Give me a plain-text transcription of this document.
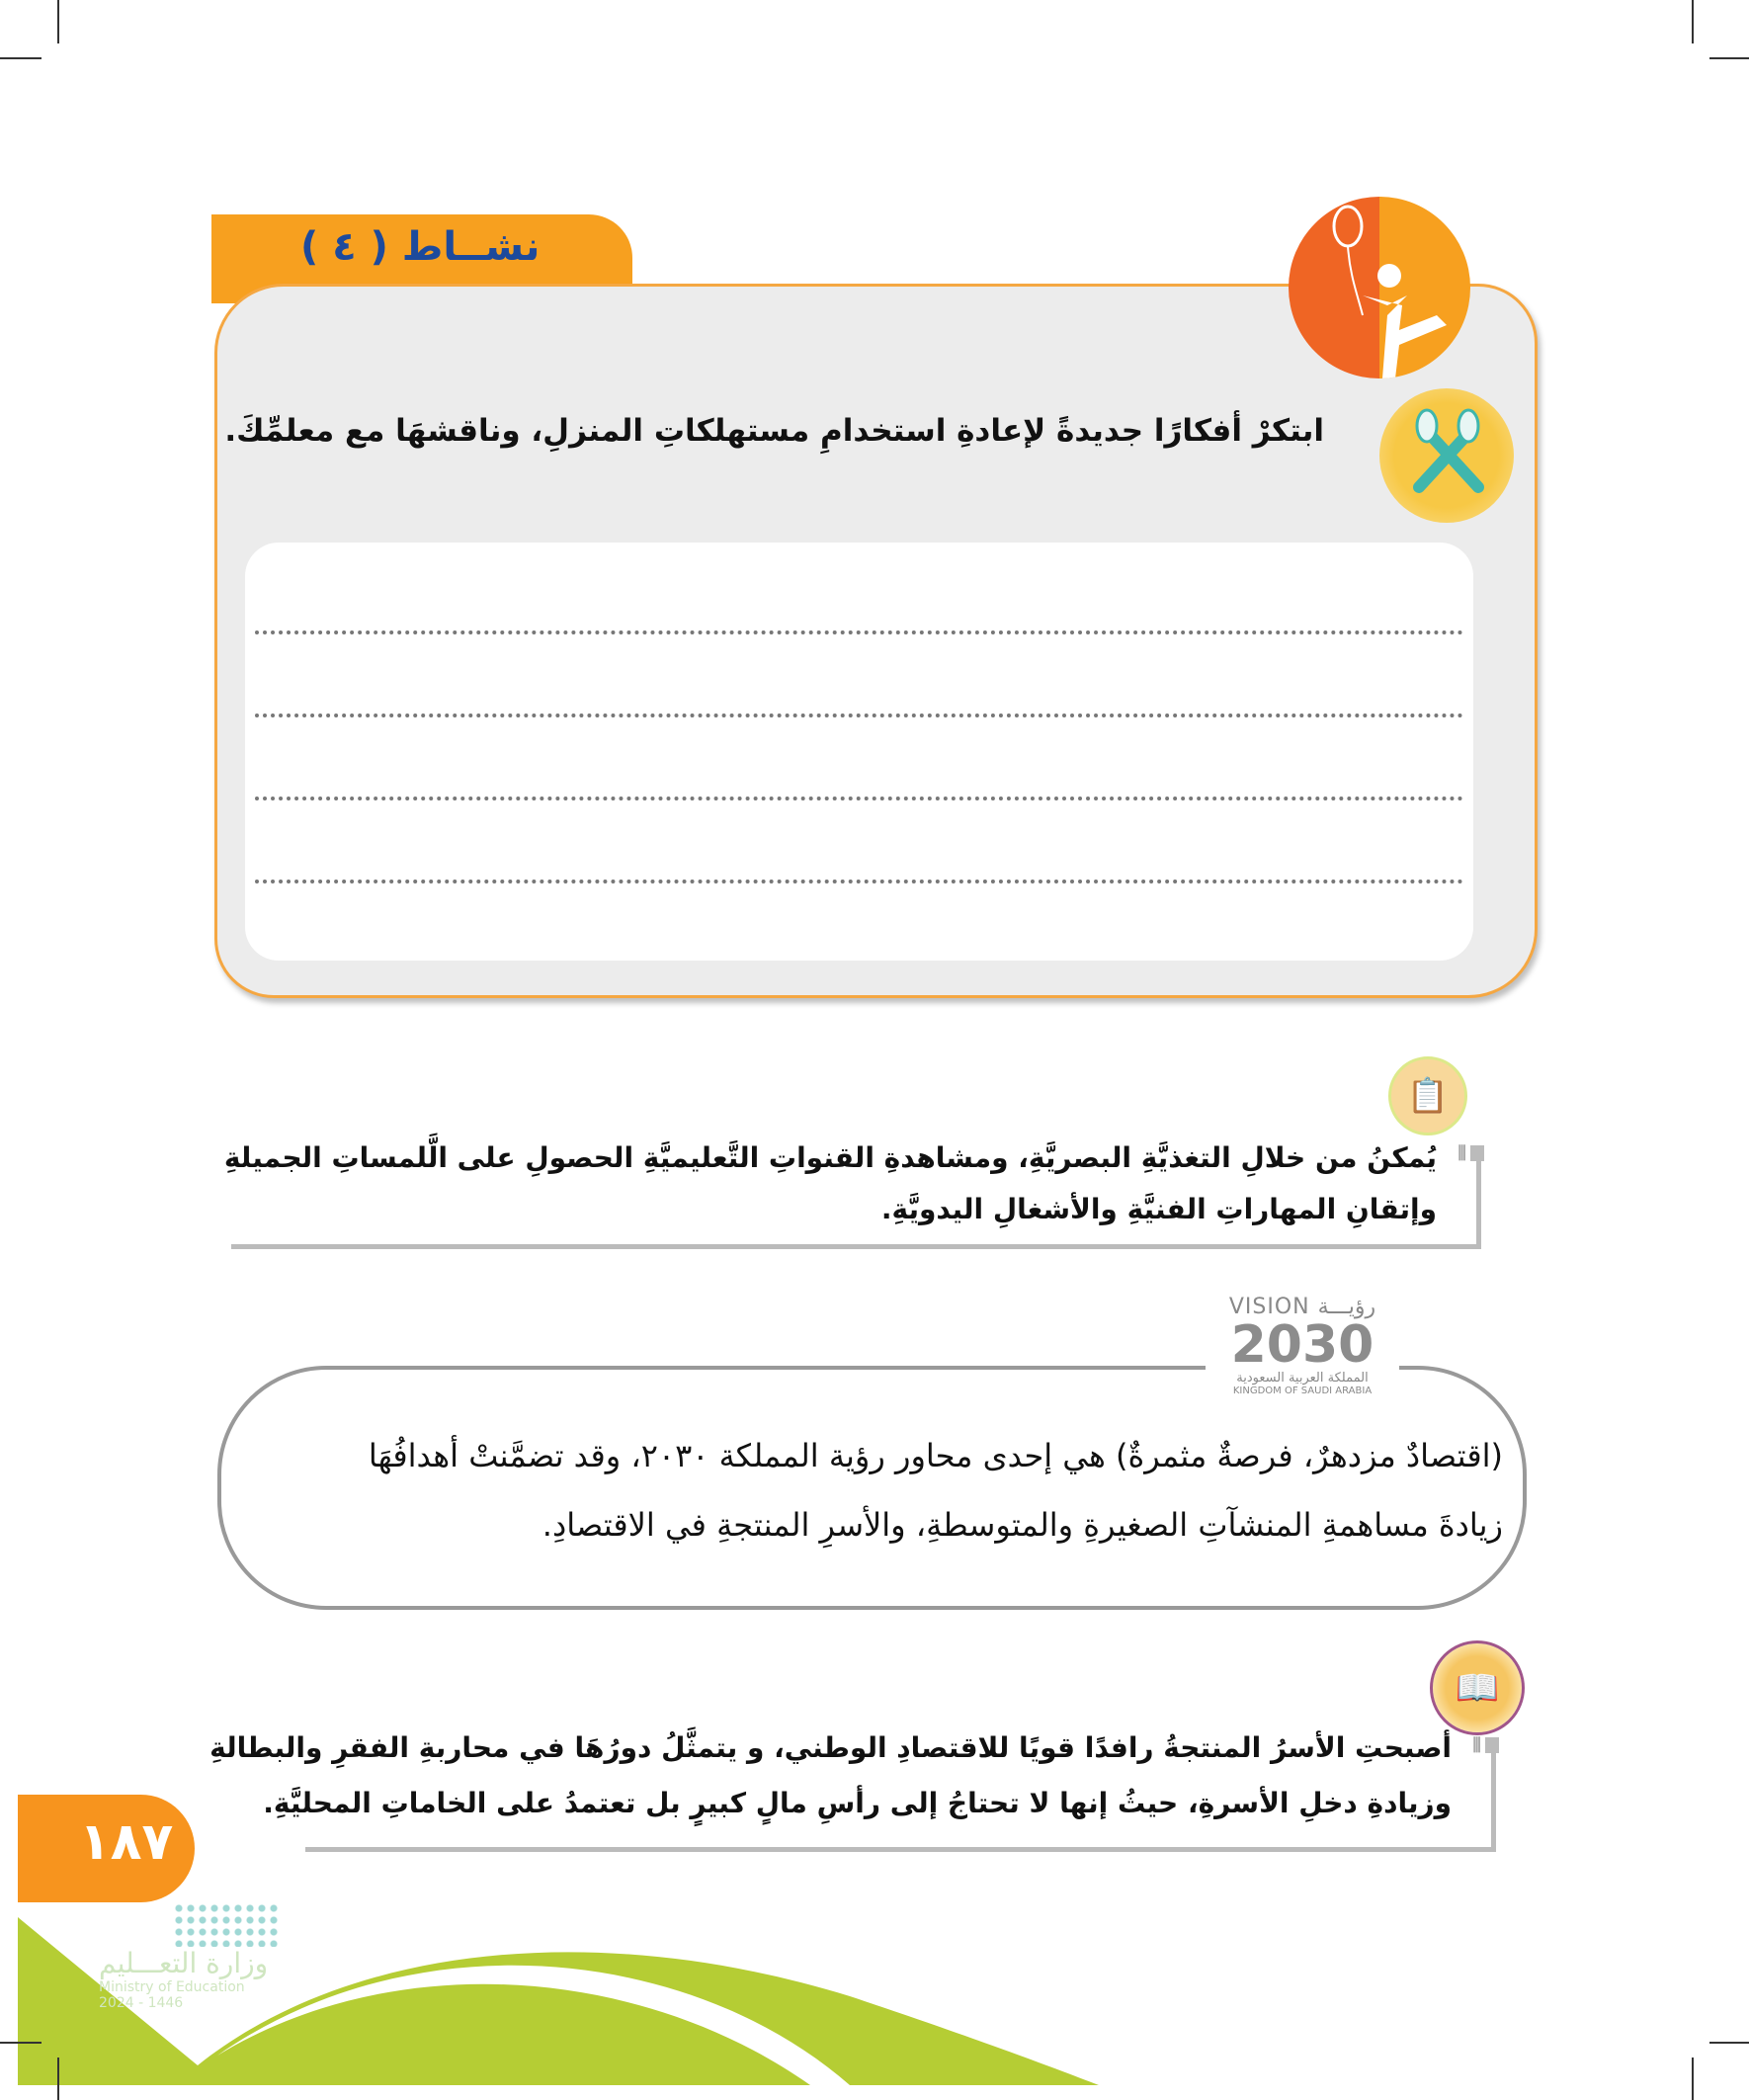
نشــاط ( ٤ )
ابتكرْ أفكارًا جديدةً لإعادةِ استخدامِ مستهلكاتِ المنزلِ، وناقشهَا مع معلمِّكَ.
📋
⦀
يُمكنُ من خلالِ التغذيَّةِ البصريَّةِ، ومشاهدةِ القنواتِ التَّعليميَّةِ الحصولِ على الَّلمساتِ الجميلةِ
وإتقانِ المهاراتِ الفنيَّةِ والأشغالِ اليدويَّةِ.
(اقتصادٌ مزدهرٌ، فرصةٌ مثمرةٌ) هي إحدى محاور رؤية المملكة ٢٠٣٠، وقد تضمَّنتْ أهدافُهَا
زيادةَ مساهمةِ المنشآتِ الصغيرةِ والمتوسطةِ، والأسرِ المنتجةِ في الاقتصادِ.
VISION رؤيـــة
2030
المملكة العربية السعودية
KINGDOM OF SAUDI ARABIA
📖
⦀
أصبحتِ الأسرُ المنتجةُ رافدًا قويًا للاقتصادِ الوطني، و يتمثَّلُ دورُهَا في محاربةِ الفقرِ والبطالةِ
وزيادةِ دخلِ الأسرةِ، حيثُ إنها لا تحتاجُ إلى رأسِ مالٍ كبيرٍ بل تعتمدُ على الخاماتِ المحليَّةِ.
١٨٧
وزارة التعـــليم
Ministry of Education
2024 - 1446
